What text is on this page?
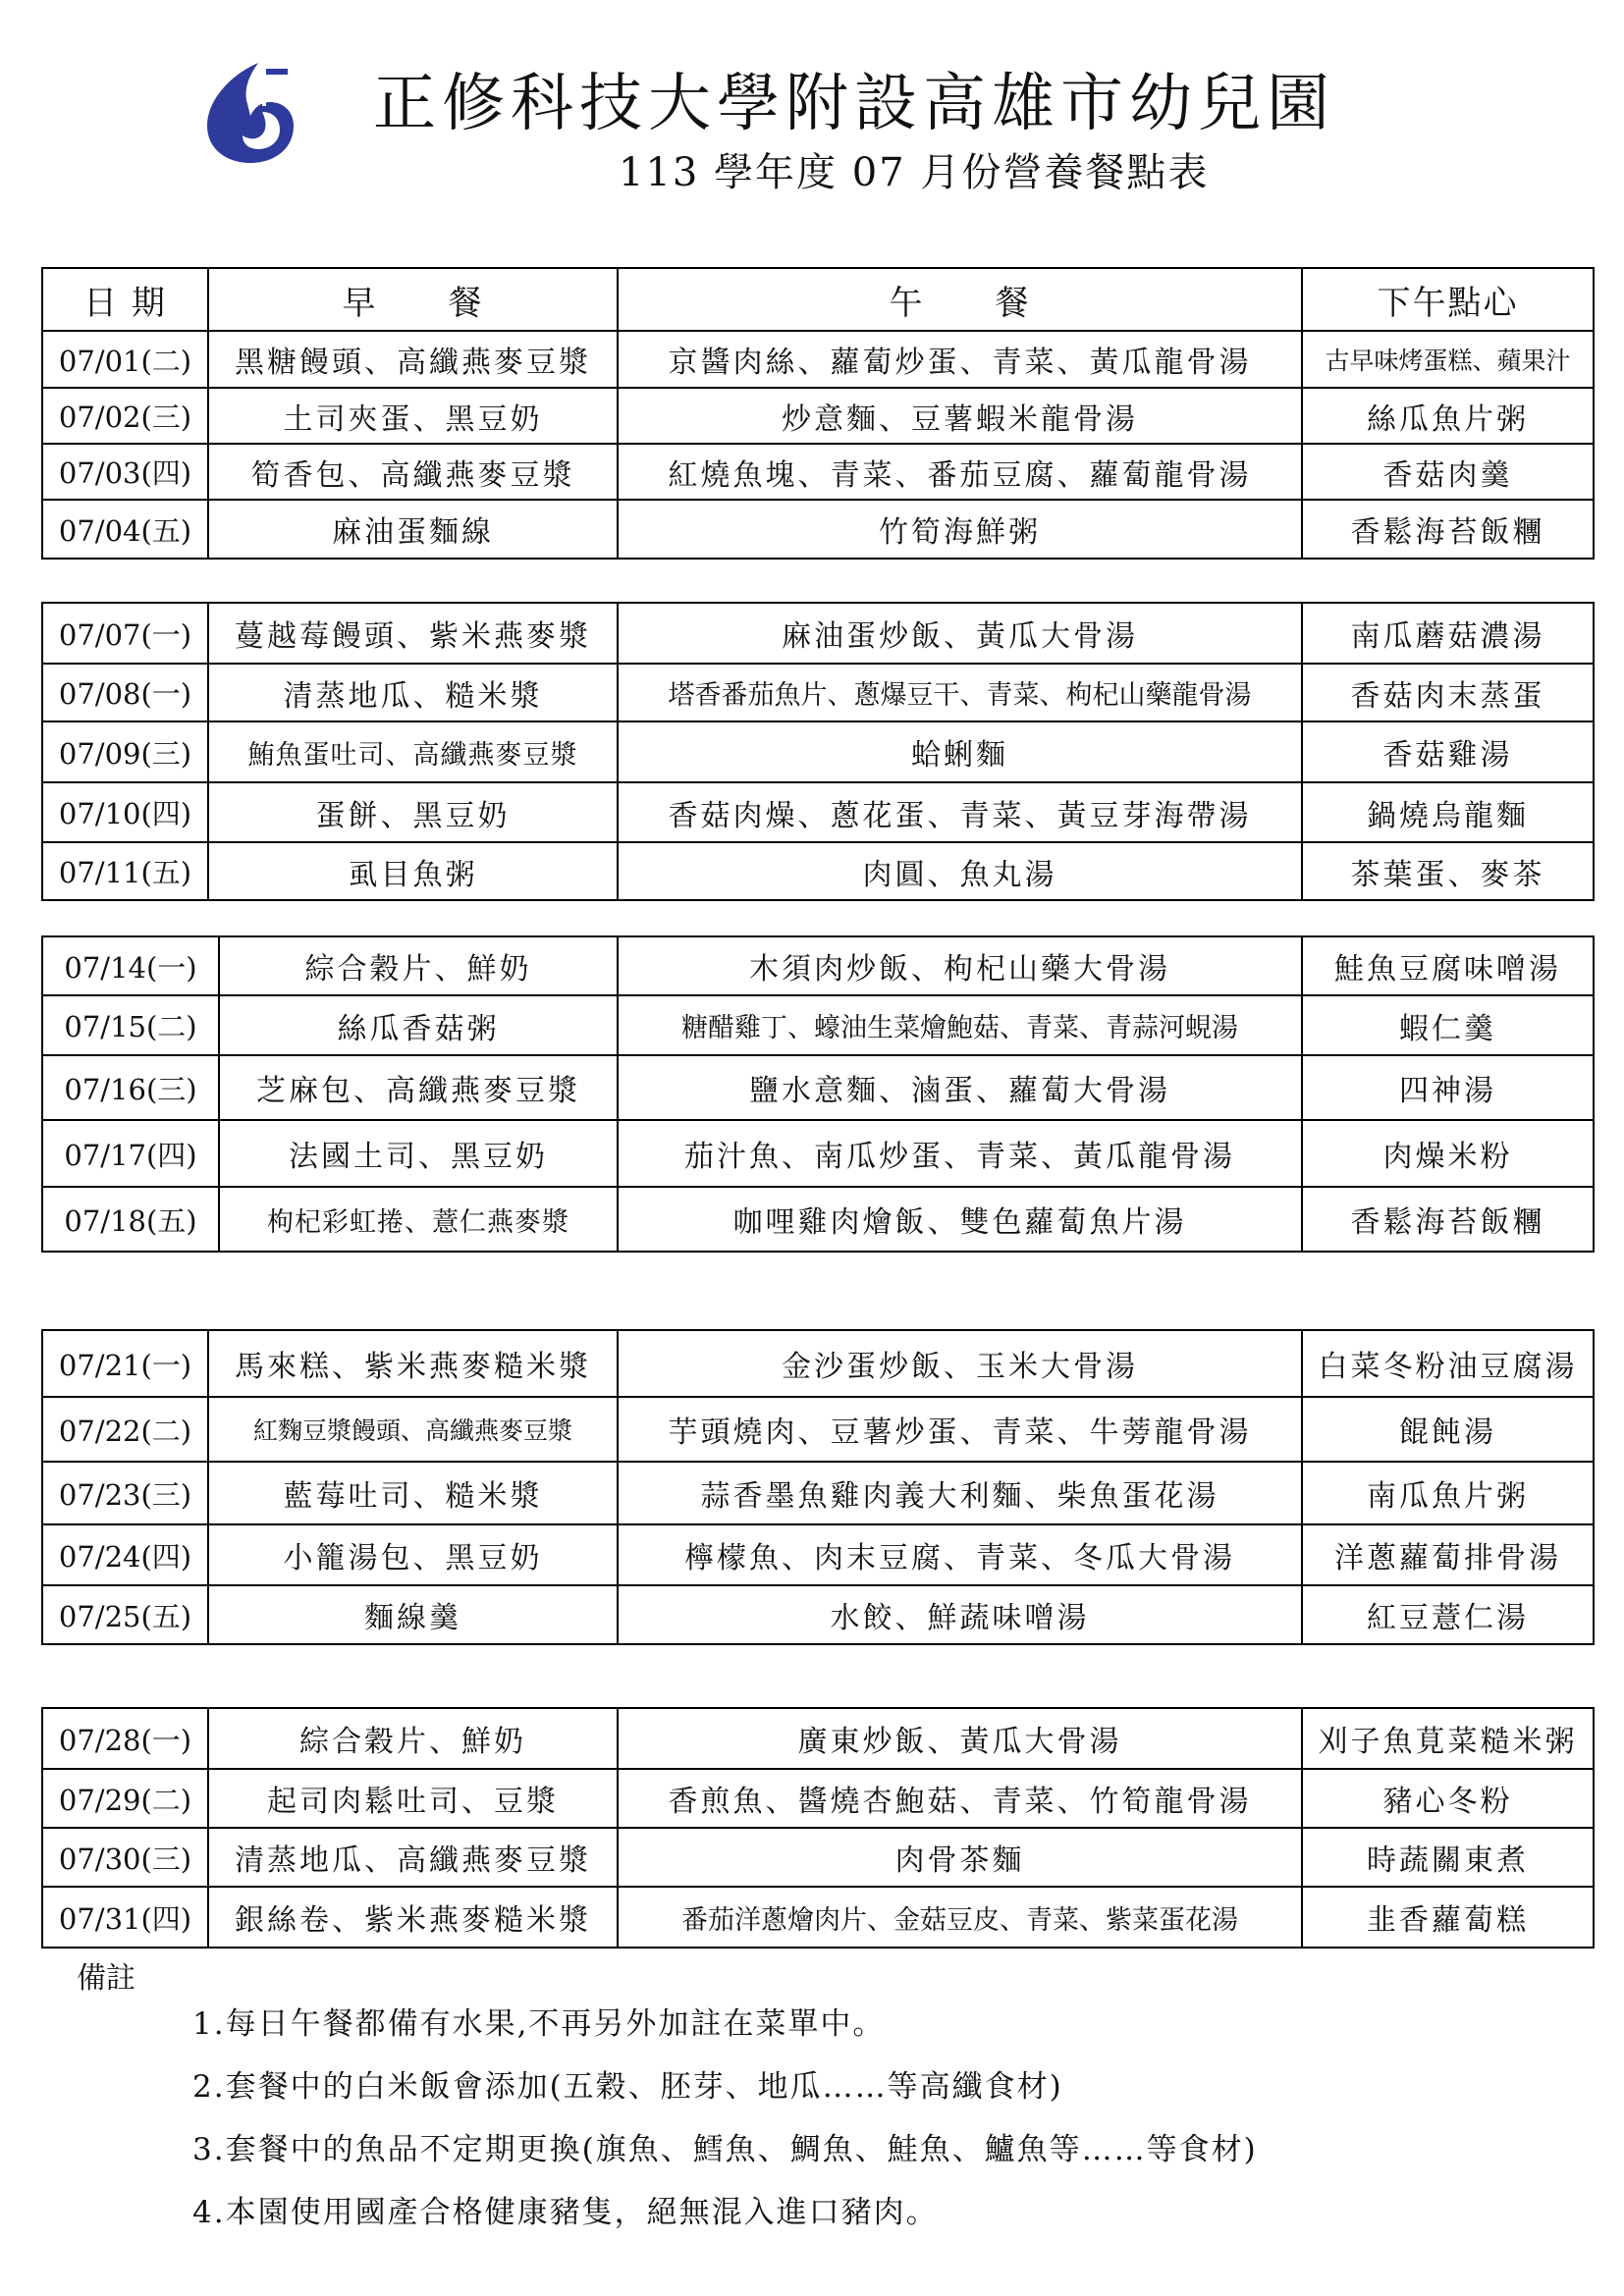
正修科技大學附設高雄市幼兒園
113 學年度 07 月份營養餐點表
日 期	早　　餐	午　　餐	下午點心
07/01(二)	黑糖饅頭、高纖燕麥豆漿	京醬肉絲、蘿蔔炒蛋、青菜、黃瓜龍骨湯	古早味烤蛋糕、蘋果汁
07/02(三)	土司夾蛋、黑豆奶	炒意麵、豆薯蝦米龍骨湯	絲瓜魚片粥
07/03(四)	筍香包、高纖燕麥豆漿	紅燒魚塊、青菜、番茄豆腐、蘿蔔龍骨湯	香菇肉羹
07/04(五)	麻油蛋麵線	竹筍海鮮粥	香鬆海苔飯糰
07/07(一)	蔓越莓饅頭、紫米燕麥漿	麻油蛋炒飯、黃瓜大骨湯	南瓜蘑菇濃湯
07/08(一)	清蒸地瓜、糙米漿	塔香番茄魚片、蔥爆豆干、青菜、枸杞山藥龍骨湯	香菇肉末蒸蛋
07/09(三)	鮪魚蛋吐司、高纖燕麥豆漿	蛤蜊麵	香菇雞湯
07/10(四)	蛋餅、黑豆奶	香菇肉燥、蔥花蛋、青菜、黃豆芽海帶湯	鍋燒烏龍麵
07/11(五)	虱目魚粥	肉圓、魚丸湯	茶葉蛋、麥茶
07/14(一)	綜合穀片、鮮奶	木須肉炒飯、枸杞山藥大骨湯	鮭魚豆腐味噌湯
07/15(二)	絲瓜香菇粥	糖醋雞丁、蠔油生菜燴鮑菇、青菜、青蒜河蜆湯	蝦仁羹
07/16(三)	芝麻包、高纖燕麥豆漿	鹽水意麵、滷蛋、蘿蔔大骨湯	四神湯
07/17(四)	法國土司、黑豆奶	茄汁魚、南瓜炒蛋、青菜、黃瓜龍骨湯	肉燥米粉
07/18(五)	枸杞彩虹捲、薏仁燕麥漿	咖哩雞肉燴飯、雙色蘿蔔魚片湯	香鬆海苔飯糰
07/21(一)	馬來糕、紫米燕麥糙米漿	金沙蛋炒飯、玉米大骨湯	白菜冬粉油豆腐湯
07/22(二)	紅麴豆漿饅頭、高纖燕麥豆漿	芋頭燒肉、豆薯炒蛋、青菜、牛蒡龍骨湯	餛飩湯
07/23(三)	藍莓吐司、糙米漿	蒜香墨魚雞肉義大利麵、柴魚蛋花湯	南瓜魚片粥
07/24(四)	小籠湯包、黑豆奶	檸檬魚、肉末豆腐、青菜、冬瓜大骨湯	洋蔥蘿蔔排骨湯
07/25(五)	麵線羹	水餃、鮮蔬味噌湯	紅豆薏仁湯
07/28(一)	綜合穀片、鮮奶	廣東炒飯、黃瓜大骨湯	刈子魚莧菜糙米粥
07/29(二)	起司肉鬆吐司、豆漿	香煎魚、醬燒杏鮑菇、青菜、竹筍龍骨湯	豬心冬粉
07/30(三)	清蒸地瓜、高纖燕麥豆漿	肉骨茶麵	時蔬關東煮
07/31(四)	銀絲卷、紫米燕麥糙米漿	番茄洋蔥燴肉片、金菇豆皮、青菜、紫菜蛋花湯	韭香蘿蔔糕
備註
1.每日午餐都備有水果,不再另外加註在菜單中。
2.套餐中的白米飯會添加(五穀、胚芽、地瓜……等高纖食材)
3.套餐中的魚品不定期更換(旗魚、鱈魚、鯛魚、鮭魚、鱸魚等……等食材)
4.本園使用國產合格健康豬隻，絕無混入進口豬肉。
